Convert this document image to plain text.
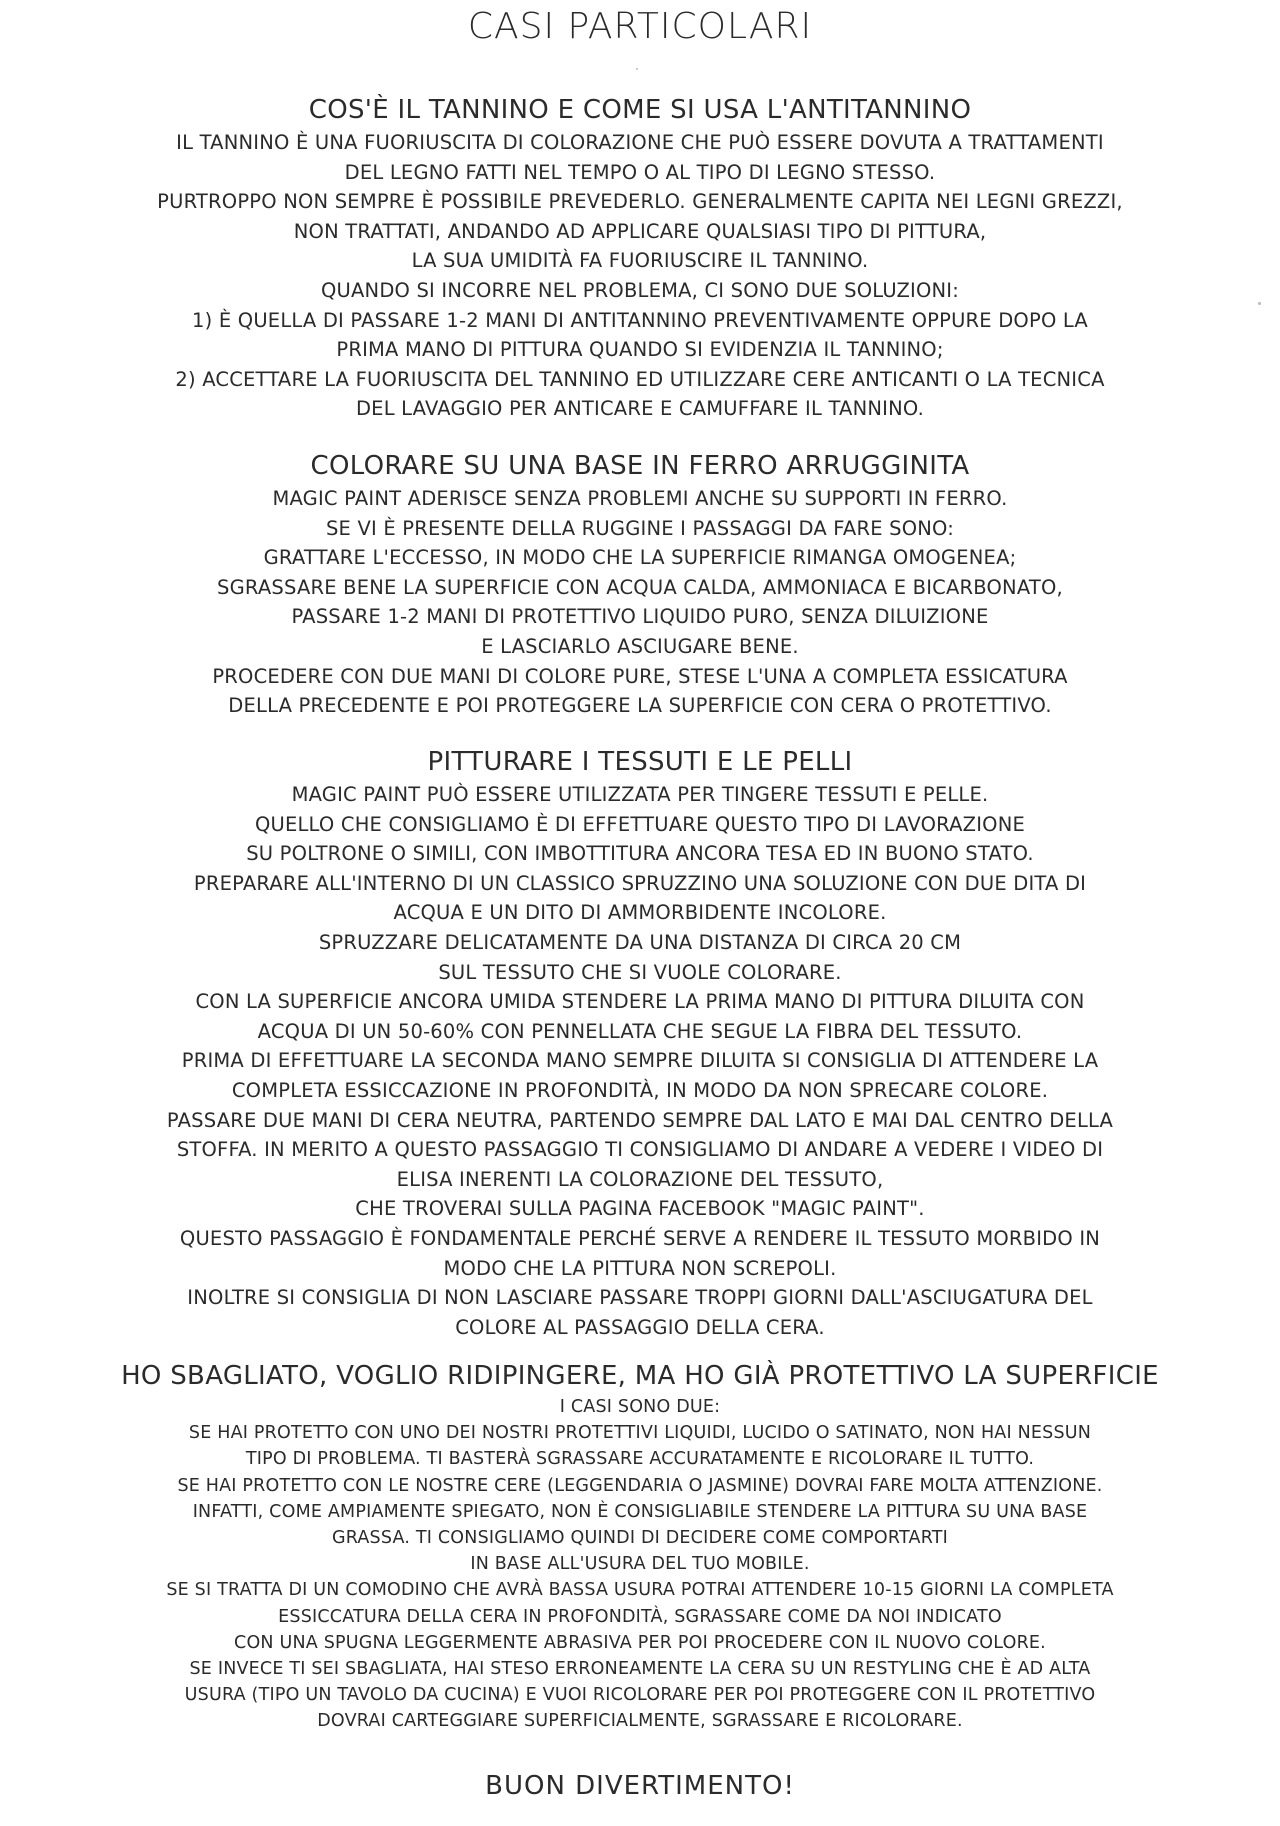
CASI PARTICOLARI
COS'È IL TANNINO E COME SI USA L'ANTITANNINO
IL TANNINO È UNA FUORIUSCITA DI COLORAZIONE CHE PUÒ ESSERE DOVUTA A TRATTAMENTI
DEL LEGNO FATTI NEL TEMPO O AL TIPO DI LEGNO STESSO.
PURTROPPO NON SEMPRE È POSSIBILE PREVEDERLO. GENERALMENTE CAPITA NEI LEGNI GREZZI,
NON TRATTATI, ANDANDO AD APPLICARE QUALSIASI TIPO DI PITTURA,
LA SUA UMIDITÀ FA FUORIUSCIRE IL TANNINO.
QUANDO SI INCORRE NEL PROBLEMA, CI SONO DUE SOLUZIONI:
1) È QUELLA DI PASSARE 1-2 MANI DI ANTITANNINO PREVENTIVAMENTE OPPURE DOPO LA
PRIMA MANO DI PITTURA QUANDO SI EVIDENZIA IL TANNINO;
2) ACCETTARE LA FUORIUSCITA DEL TANNINO ED UTILIZZARE CERE ANTICANTI O LA TECNICA
DEL LAVAGGIO PER ANTICARE E CAMUFFARE IL TANNINO.
COLORARE SU UNA BASE IN FERRO ARRUGGINITA
MAGIC PAINT ADERISCE SENZA PROBLEMI ANCHE SU SUPPORTI IN FERRO.
SE VI È PRESENTE DELLA RUGGINE I PASSAGGI DA FARE SONO:
GRATTARE L'ECCESSO, IN MODO CHE LA SUPERFICIE RIMANGA OMOGENEA;
SGRASSARE BENE LA SUPERFICIE CON ACQUA CALDA, AMMONIACA E BICARBONATO,
PASSARE 1-2 MANI DI PROTETTIVO LIQUIDO PURO, SENZA DILUIZIONE
E LASCIARLO ASCIUGARE BENE.
PROCEDERE CON DUE MANI DI COLORE PURE, STESE L'UNA A COMPLETA ESSICATURA
DELLA PRECEDENTE E POI PROTEGGERE LA SUPERFICIE CON CERA O PROTETTIVO.
PITTURARE I TESSUTI E LE PELLI
MAGIC PAINT PUÒ ESSERE UTILIZZATA PER TINGERE TESSUTI E PELLE.
QUELLO CHE CONSIGLIAMO È DI EFFETTUARE QUESTO TIPO DI LAVORAZIONE
SU POLTRONE O SIMILI, CON IMBOTTITURA ANCORA TESA ED IN BUONO STATO.
PREPARARE ALL'INTERNO DI UN CLASSICO SPRUZZINO UNA SOLUZIONE CON DUE DITA DI
ACQUA E UN DITO DI AMMORBIDENTE INCOLORE.
SPRUZZARE DELICATAMENTE DA UNA DISTANZA DI CIRCA 20 CM
SUL TESSUTO CHE SI VUOLE COLORARE.
CON LA SUPERFICIE ANCORA UMIDA STENDERE LA PRIMA MANO DI PITTURA DILUITA CON
ACQUA DI UN 50-60% CON PENNELLATA CHE SEGUE LA FIBRA DEL TESSUTO.
PRIMA DI EFFETTUARE LA SECONDA MANO SEMPRE DILUITA SI CONSIGLIA DI ATTENDERE LA
COMPLETA ESSICCAZIONE IN PROFONDITÀ, IN MODO DA NON SPRECARE COLORE.
PASSARE DUE MANI DI CERA NEUTRA, PARTENDO SEMPRE DAL LATO E MAI DAL CENTRO DELLA
STOFFA. IN MERITO A QUESTO PASSAGGIO TI CONSIGLIAMO DI ANDARE A VEDERE I VIDEO DI
ELISA INERENTI LA COLORAZIONE DEL TESSUTO,
CHE TROVERAI SULLA PAGINA FACEBOOK "MAGIC PAINT".
QUESTO PASSAGGIO È FONDAMENTALE PERCHÉ SERVE A RENDERE IL TESSUTO MORBIDO IN
MODO CHE LA PITTURA NON SCREPOLI.
INOLTRE SI CONSIGLIA DI NON LASCIARE PASSARE TROPPI GIORNI DALL'ASCIUGATURA DEL
COLORE AL PASSAGGIO DELLA CERA.
HO SBAGLIATO, VOGLIO RIDIPINGERE, MA HO GIÀ PROTETTIVO LA SUPERFICIE
I CASI SONO DUE:
SE HAI PROTETTO CON UNO DEI NOSTRI PROTETTIVI LIQUIDI, LUCIDO O SATINATO, NON HAI NESSUN
TIPO DI PROBLEMA. TI BASTERÀ SGRASSARE ACCURATAMENTE E RICOLORARE IL TUTTO.
SE HAI PROTETTO CON LE NOSTRE CERE (LEGGENDARIA O JASMINE) DOVRAI FARE MOLTA ATTENZIONE.
INFATTI, COME AMPIAMENTE SPIEGATO, NON È CONSIGLIABILE STENDERE LA PITTURA SU UNA BASE
GRASSA. TI CONSIGLIAMO QUINDI DI DECIDERE COME COMPORTARTI
IN BASE ALL'USURA DEL TUO MOBILE.
SE SI TRATTA DI UN COMODINO CHE AVRÀ BASSA USURA POTRAI ATTENDERE 10-15 GIORNI LA COMPLETA
ESSICCATURA DELLA CERA IN PROFONDITÀ, SGRASSARE COME DA NOI INDICATO
CON UNA SPUGNA LEGGERMENTE ABRASIVA PER POI PROCEDERE CON IL NUOVO COLORE.
SE INVECE TI SEI SBAGLIATA, HAI STESO ERRONEAMENTE LA CERA SU UN RESTYLING CHE È AD ALTA
USURA (TIPO UN TAVOLO DA CUCINA) E VUOI RICOLORARE PER POI PROTEGGERE CON IL PROTETTIVO
DOVRAI CARTEGGIARE SUPERFICIALMENTE, SGRASSARE E RICOLORARE.
BUON DIVERTIMENTO!
